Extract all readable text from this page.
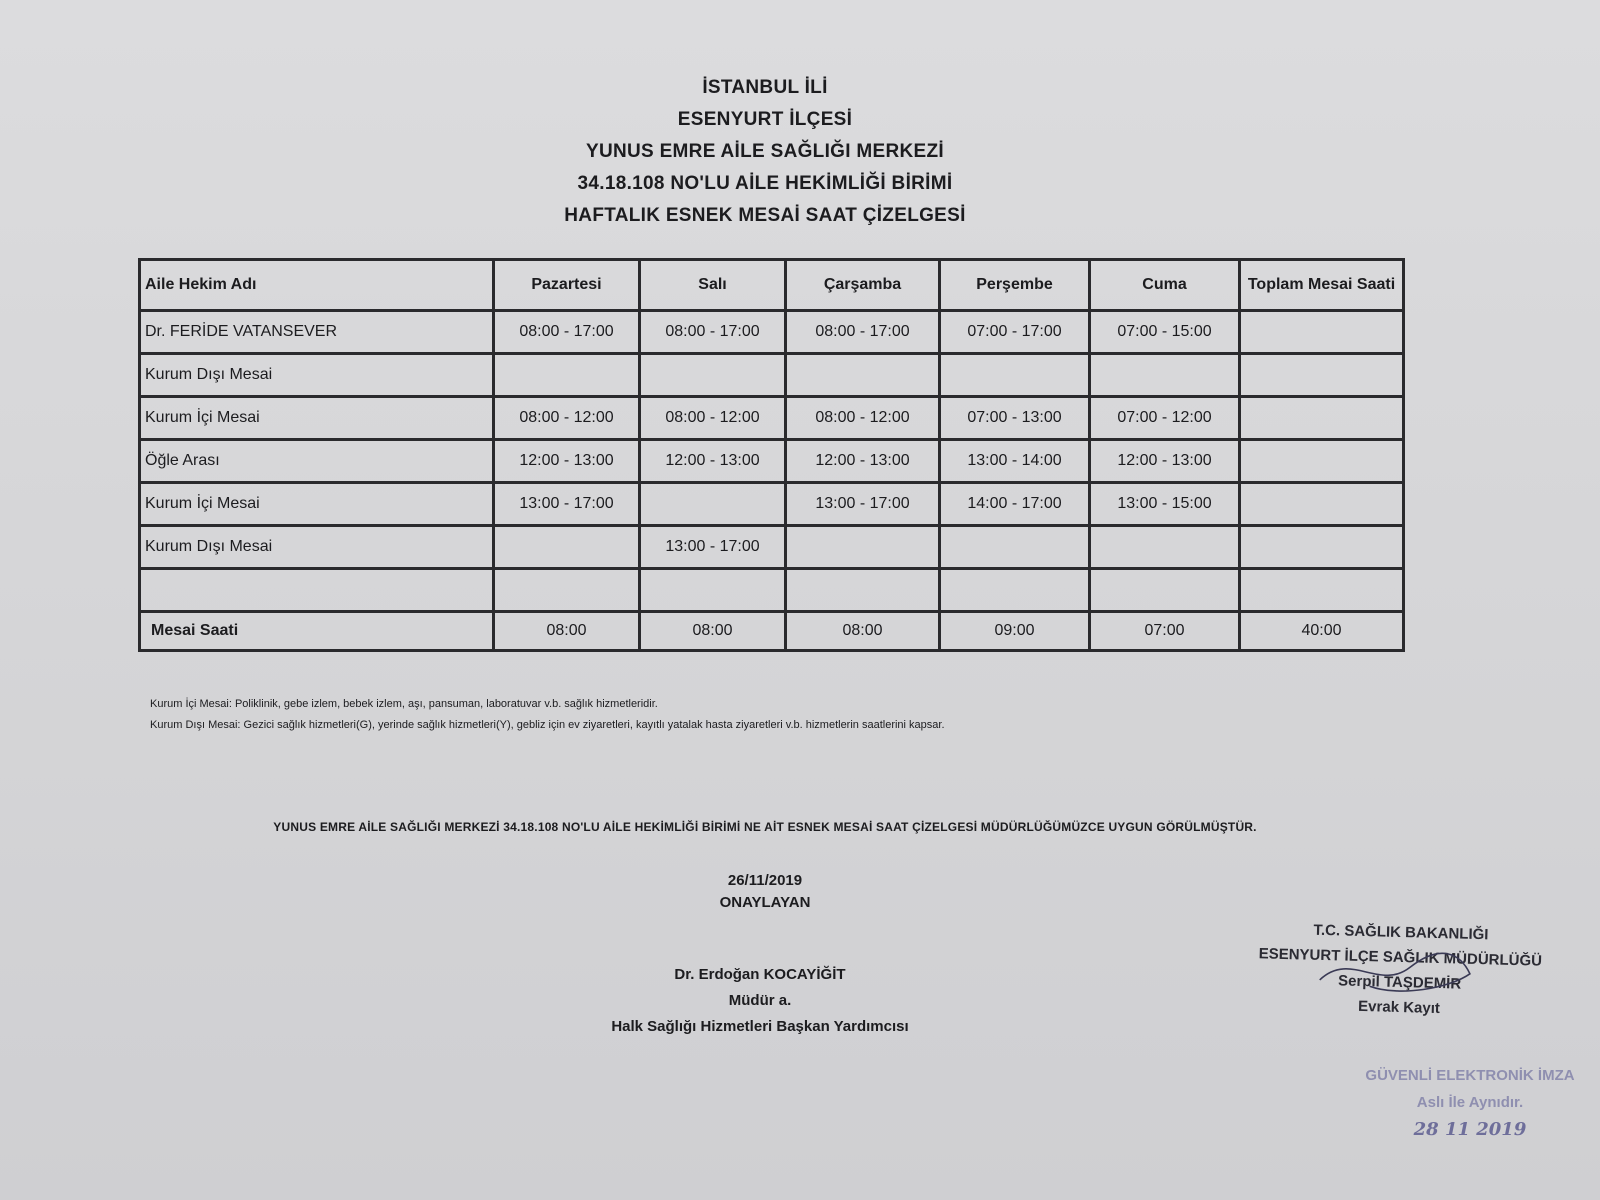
İSTANBUL İLİ
ESENYURT İLÇESİ
YUNUS EMRE AİLE SAĞLIĞI MERKEZİ
34.18.108 NO'LU AİLE HEKİMLİĞİ BİRİMİ
HAFTALIK ESNEK MESAİ SAAT ÇİZELGESİ
Aile Hekim Adı	Pazartesi	Salı	Çarşamba	Perşembe	Cuma	Toplam Mesai Saati
Dr. FERİDE VATANSEVER	08:00 - 17:00	08:00 - 17:00	08:00 - 17:00	07:00 - 17:00	07:00 - 15:00	
Kurum Dışı Mesai						
Kurum İçi Mesai	08:00 - 12:00	08:00 - 12:00	08:00 - 12:00	07:00 - 13:00	07:00 - 12:00	
Öğle Arası	12:00 - 13:00	12:00 - 13:00	12:00 - 13:00	13:00 - 14:00	12:00 - 13:00	
Kurum İçi Mesai	13:00 - 17:00		13:00 - 17:00	14:00 - 17:00	13:00 - 15:00	
Kurum Dışı Mesai		13:00 - 17:00				

Mesai Saati	08:00	08:00	08:00	09:00	07:00	40:00
Kurum İçi Mesai: Poliklinik, gebe izlem, bebek izlem, aşı, pansuman, laboratuvar v.b. sağlık hizmetleridir.
Kurum Dışı Mesai: Gezici sağlık hizmetleri(G), yerinde sağlık hizmetleri(Y), gebliz için ev ziyaretleri, kayıtlı yatalak hasta ziyaretleri v.b. hizmetlerin saatlerini kapsar.
YUNUS EMRE AİLE SAĞLIĞI MERKEZİ 34.18.108 NO'LU AİLE HEKİMLİĞİ BİRİMİ NE AİT ESNEK MESAİ SAAT ÇİZELGESİ MÜDÜRLÜĞÜMÜZCE UYGUN GÖRÜLMÜŞTÜR.
26/11/2019
ONAYLAYAN
Dr. Erdoğan KOCAYİĞİT
Müdür a.
Halk Sağlığı Hizmetleri Başkan Yardımcısı
T.C. SAĞLIK BAKANLIĞI
ESENYURT İLÇE SAĞLIK MÜDÜRLÜĞÜ
Serpil TAŞDEMİR
Evrak Kayıt
GÜVENLİ ELEKTRONİK İMZA
Aslı İle Aynıdır.
28 11 2019
